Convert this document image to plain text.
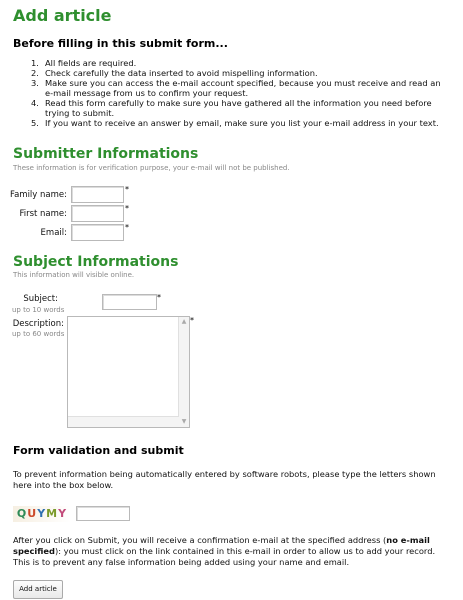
Add article
Before filling in this submit form...
1. All fields are required.
2. Check carefully the data inserted to avoid mispelling information.
3. Make sure you can access the e-mail account specified, because you must receive and read an e-mail message from us to confirm your request.
4. Read this form carefully to make sure you have gathered all the information you need before trying to submit.
5. If you want to receive an answer by email, make sure you list your e-mail address in your text.
Submitter Informations
These information is for verification purpose, your e-mail will not be published.
Family name:
*
First name:
*
Email:
*
Subject Informations
This information will visible online.
Subject:
up to 10 words
*
Description:
up to 60 words
▲
▼
*
Form validation and submit
To prevent information being automatically entered by software robots, please type the letters shown here into the box below.
QUYMY
After you click on Submit, you will receive a confirmation e-mail at the specified address (no e-mail specified): you must click on the link contained in this e-mail in order to allow us to add your record. This is to prevent any false information being added using your name and email.
Add article
